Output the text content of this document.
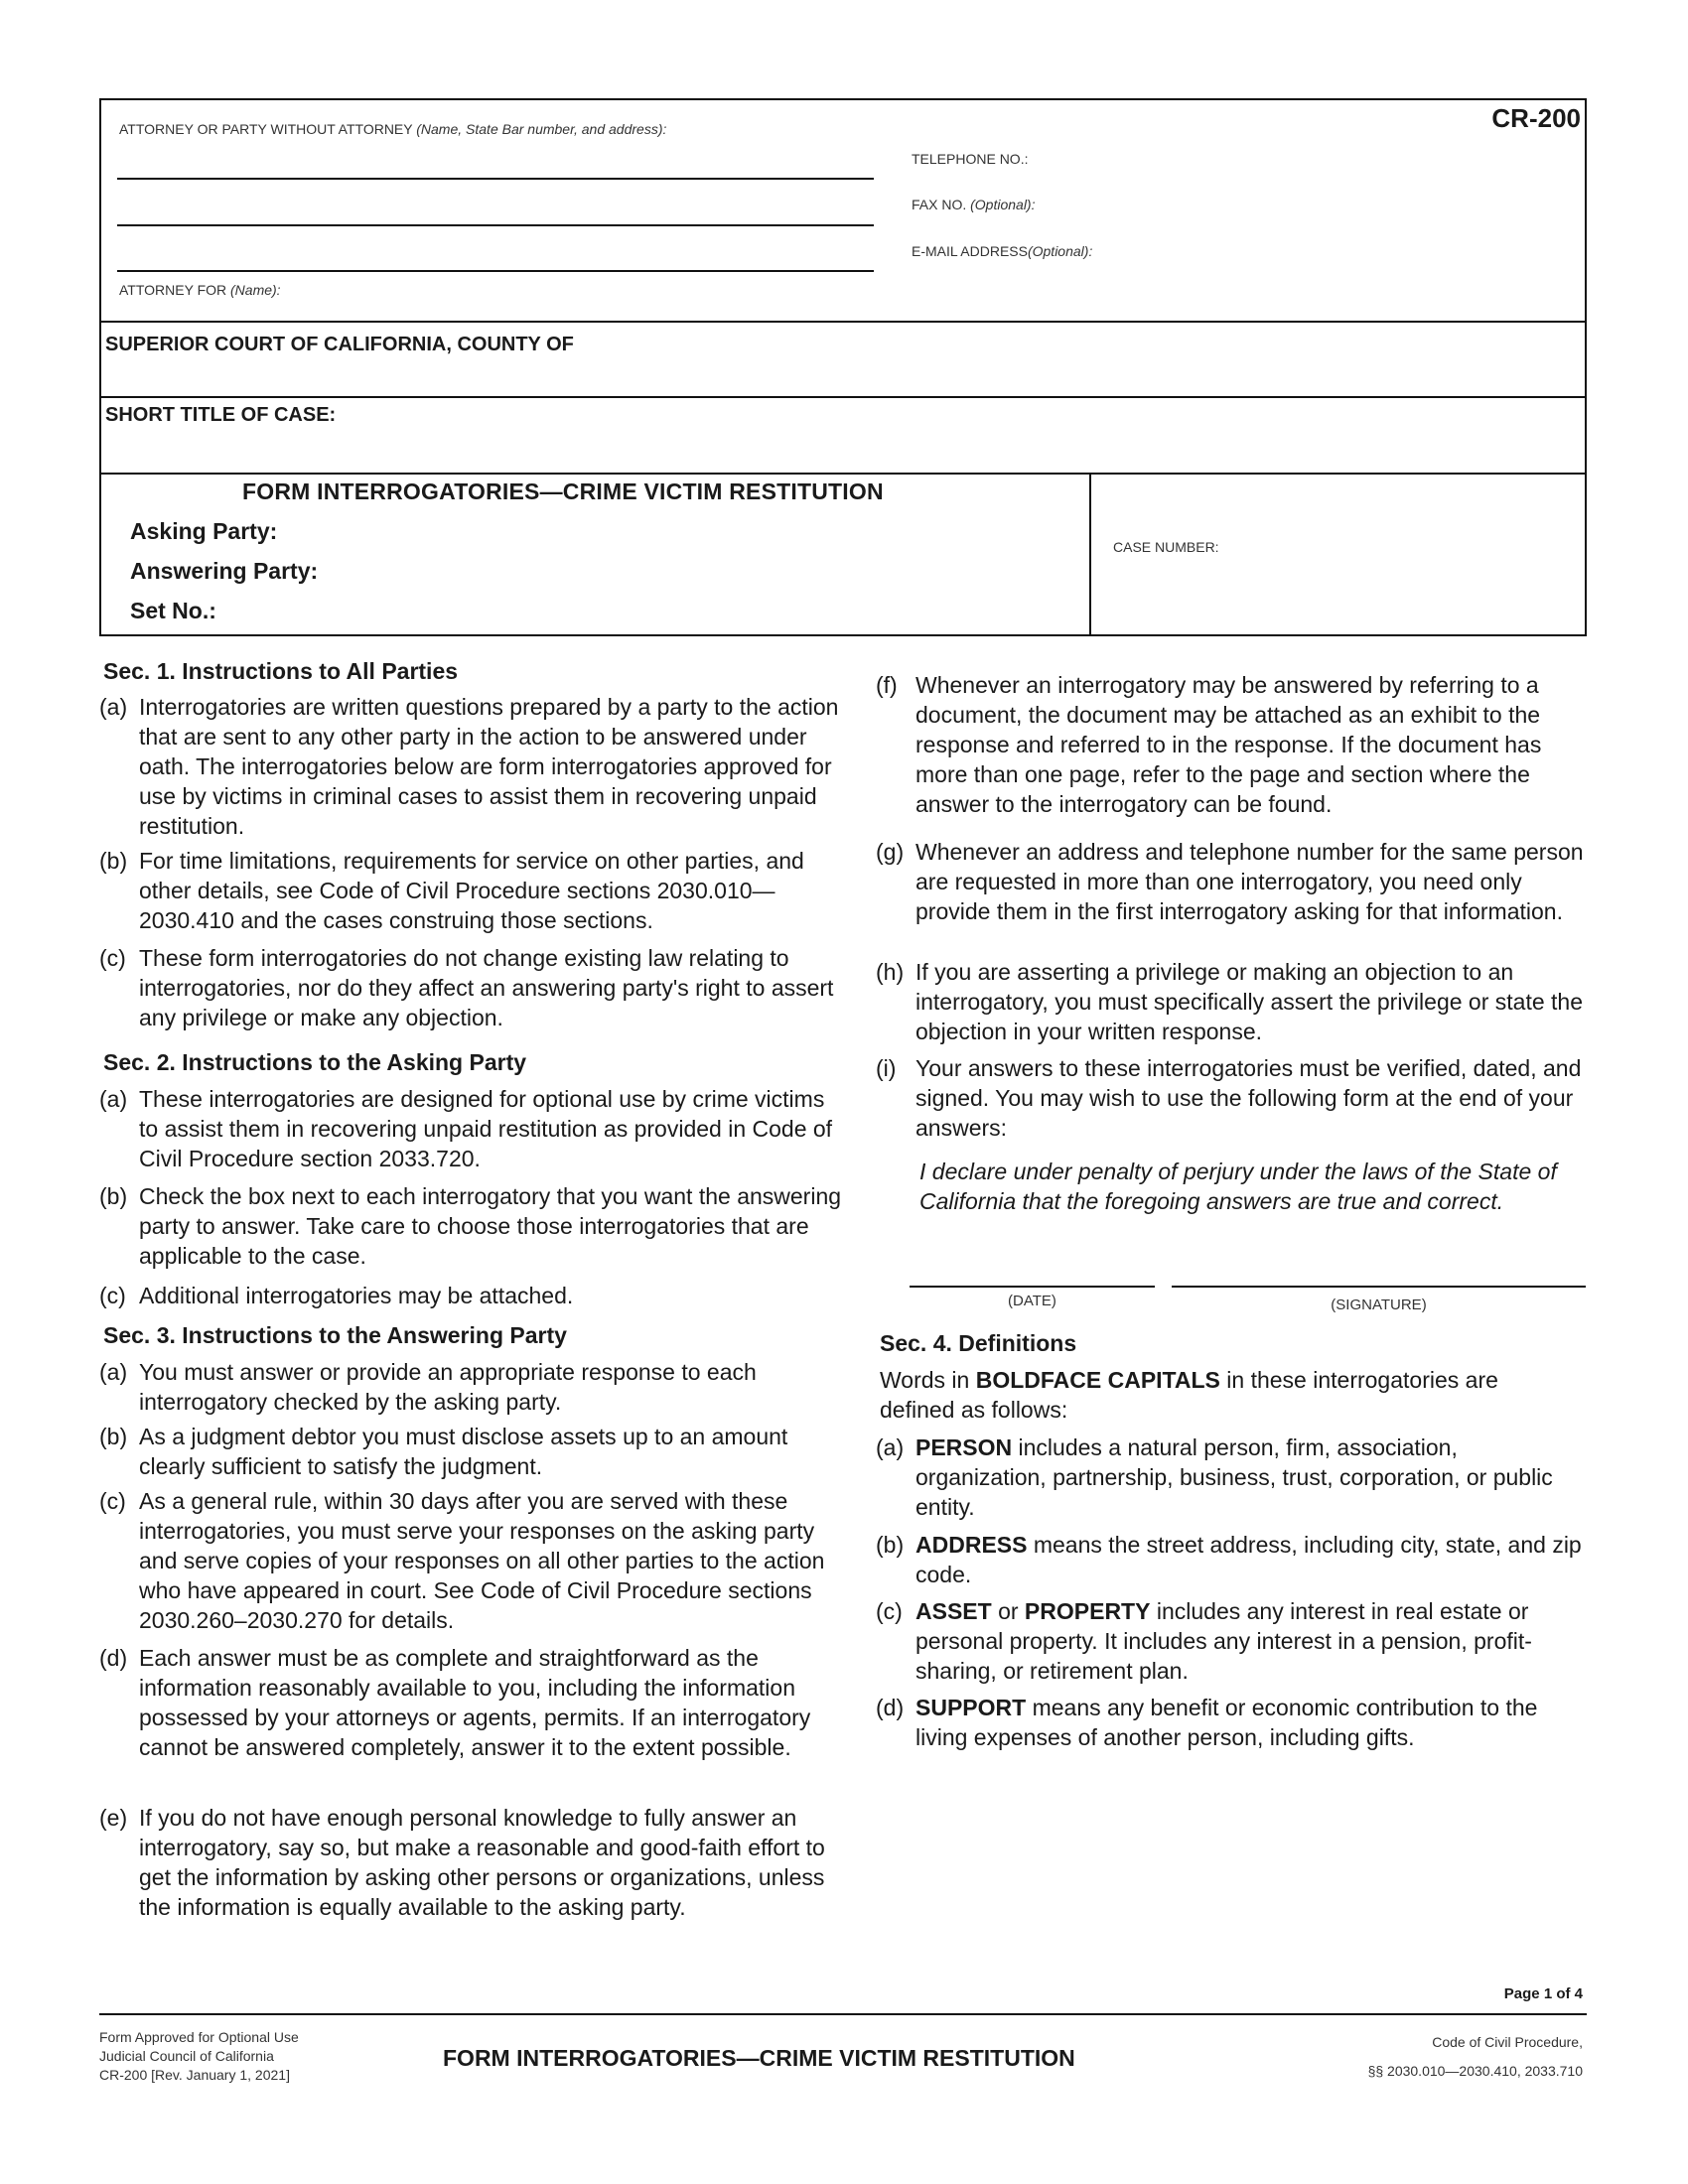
CR-200
ATTORNEY OR PARTY WITHOUT ATTORNEY (Name, State Bar number, and address):
TELEPHONE NO.:
FAX NO. (Optional):
E-MAIL ADDRESS(Optional):
ATTORNEY FOR (Name):
SUPERIOR COURT OF CALIFORNIA, COUNTY OF
SHORT TITLE OF CASE:
FORM INTERROGATORIES—CRIME VICTIM RESTITUTION
Asking Party:
Answering Party:
Set No.:
CASE NUMBER:
Sec. 1. Instructions to All Parties
(a) Interrogatories are written questions prepared by a party to the action that are sent to any other party in the action to be answered under oath. The interrogatories below are form interrogatories approved for use by victims in criminal cases to assist them in recovering unpaid restitution.
(b) For time limitations, requirements for service on other parties, and other details, see Code of Civil Procedure sections 2030.010—2030.410 and the cases construing those sections.
(c) These form interrogatories do not change existing law relating to interrogatories, nor do they affect an answering party's right to assert any privilege or make any objection.
Sec. 2. Instructions to the Asking Party
(a) These interrogatories are designed for optional use by crime victims to assist them in recovering unpaid restitution as provided in Code of Civil Procedure section 2033.720.
(b) Check the box next to each interrogatory that you want the answering party to answer. Take care to choose those interrogatories that are applicable to the case.
(c) Additional interrogatories may be attached.
Sec. 3. Instructions to the Answering Party
(a) You must answer or provide an appropriate response to each interrogatory checked by the asking party.
(b) As a judgment debtor you must disclose assets up to an amount clearly sufficient to satisfy the judgment.
(c) As a general rule, within 30 days after you are served with these interrogatories, you must serve your responses on the asking party and serve copies of your responses on all other parties to the action who have appeared in court. See Code of Civil Procedure sections 2030.260–2030.270 for details.
(d) Each answer must be as complete and straightforward as the information reasonably available to you, including the information possessed by your attorneys or agents, permits. If an interrogatory cannot be answered completely, answer it to the extent possible.
(e) If you do not have enough personal knowledge to fully answer an interrogatory, say so, but make a reasonable and good-faith effort to get the information by asking other persons or organizations, unless the information is equally available to the asking party.
(f) Whenever an interrogatory may be answered by referring to a document, the document may be attached as an exhibit to the response and referred to in the response. If the document has more than one page, refer to the page and section where the answer to the interrogatory can be found.
(g) Whenever an address and telephone number for the same person are requested in more than one interrogatory, you need only provide them in the first interrogatory asking for that information.
(h) If you are asserting a privilege or making an objection to an interrogatory, you must specifically assert the privilege or state the objection in your written response.
(i) Your answers to these interrogatories must be verified, dated, and signed. You may wish to use the following form at the end of your answers:
I declare under penalty of perjury under the laws of the State of California that the foregoing answers are true and correct.
(DATE)	(SIGNATURE)
Sec. 4. Definitions
Words in BOLDFACE CAPITALS in these interrogatories are defined as follows:
(a) PERSON includes a natural person, firm, association, organization, partnership, business, trust, corporation, or public entity.
(b) ADDRESS means the street address, including city, state, and zip code.
(c) ASSET or PROPERTY includes any interest in real estate or personal property. It includes any interest in a pension, profit-sharing, or retirement plan.
(d) SUPPORT means any benefit or economic contribution to the living expenses of another person, including gifts.
Page 1 of 4
Form Approved for Optional Use
Judicial Council of California
CR-200 [Rev. January 1, 2021]
FORM INTERROGATORIES—CRIME VICTIM RESTITUTION
Code of Civil Procedure,
§§ 2030.010—2030.410, 2033.710
